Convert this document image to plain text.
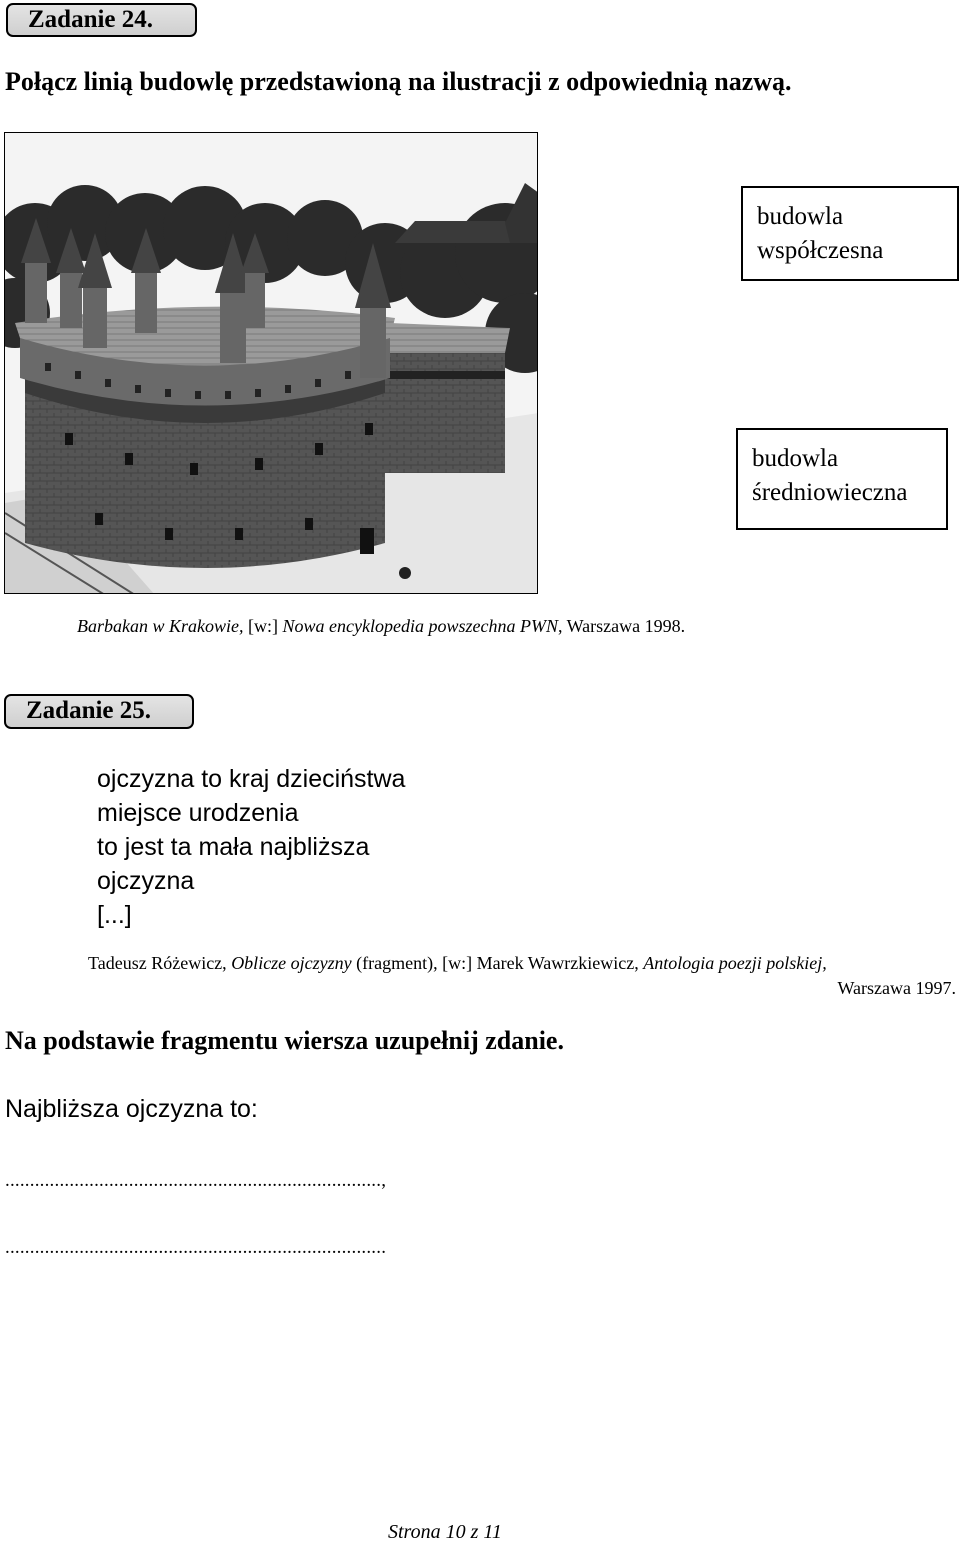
Zadanie 24.
Połącz linią budowlę przedstawioną na ilustracji z odpowiednią nazwą.
budowla
współczesna
budowla
średniowieczna
Barbakan w Krakowie, [w:] Nowa encyklopedia powszechna PWN, Warszawa 1998.
Zadanie 25.
ojczyzna to kraj dzieciństwa
miejsce urodzenia
to jest ta mała najbliższa
ojczyzna
[...]
Tadeusz Różewicz, Oblicze ojczyzny (fragment), [w:] Marek Wawrzkiewicz, Antologia poezji polskiej,
Warszawa 1997.
Na podstawie fragmentu wiersza uzupełnij zdanie.
Najbliższa ojczyzna to:
............................................................................,
.............................................................................
Strona 10 z 11
